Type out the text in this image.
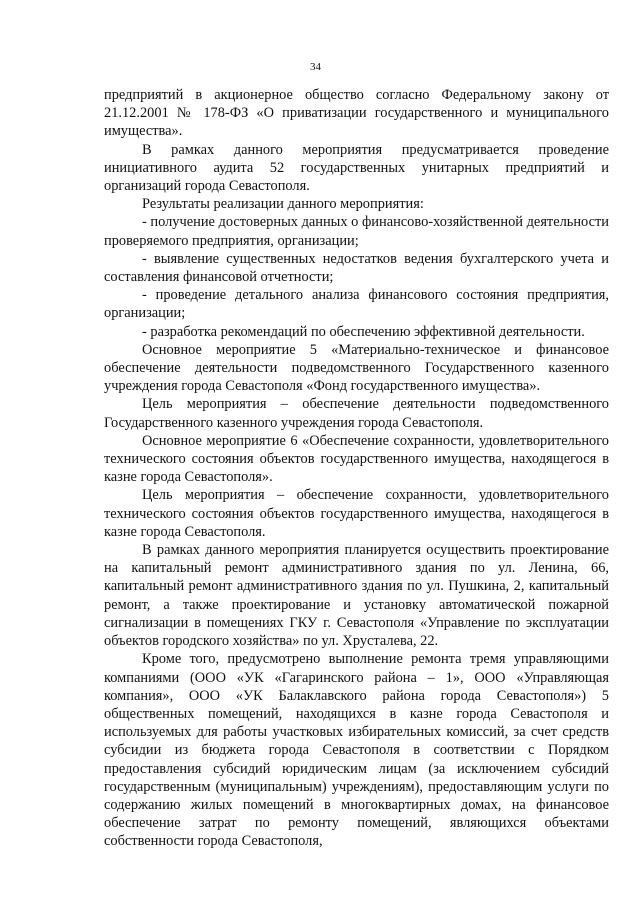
34

предприятий в акционерное общество согласно Федеральному закону от 21.12.2001 № 178-ФЗ «О приватизации государственного и муниципального имущества».

В рамках данного мероприятия предусматривается проведение инициативного аудита 52 государственных унитарных предприятий и организаций города Севастополя.

Результаты реализации данного мероприятия:

- получение достоверных данных о финансово-хозяйственной деятельности проверяемого предприятия, организации;

- выявление существенных недостатков ведения бухгалтерского учета и составления финансовой отчетности;

- проведение детального анализа финансового состояния предприятия, организации;

- разработка рекомендаций по обеспечению эффективной деятельности.

Основное мероприятие 5 «Материально-техническое и финансовое обеспечение деятельности подведомственного Государственного казенного учреждения города Севастополя «Фонд государственного имущества».

Цель мероприятия – обеспечение деятельности подведомственного Государственного казенного учреждения города Севастополя.

Основное мероприятие 6 «Обеспечение сохранности, удовлетворительного технического состояния объектов государственного имущества, находящегося в казне города Севастополя».

Цель мероприятия – обеспечение сохранности, удовлетворительного технического состояния объектов государственного имущества, находящегося в казне города Севастополя.

В рамках данного мероприятия планируется осуществить проектирование на капитальный ремонт административного здания по ул. Ленина, 66, капитальный ремонт административного здания по ул. Пушкина, 2, капитальный ремонт, а также проектирование и установку автоматической пожарной сигнализации в помещениях ГКУ г. Севастополя «Управление по эксплуатации объектов городского хозяйства» по ул. Хрусталева, 22.

Кроме того, предусмотрено выполнение ремонта тремя управляющими компаниями (ООО «УК «Гагаринского района – 1», ООО «Управляющая компания», ООО «УК Балаклавского района города Севастополя») 5 общественных помещений, находящихся в казне города Севастополя и используемых для работы участковых избирательных комиссий, за счет средств субсидии из бюджета города Севастополя в соответствии с Порядком предоставления субсидий юридическим лицам (за исключением субсидий государственным (муниципальным) учреждениям), предоставляющим услуги по содержанию жилых помещений в многоквартирных домах, на финансовое обеспечение затрат по ремонту помещений, являющихся объектами собственности города Севастополя,
